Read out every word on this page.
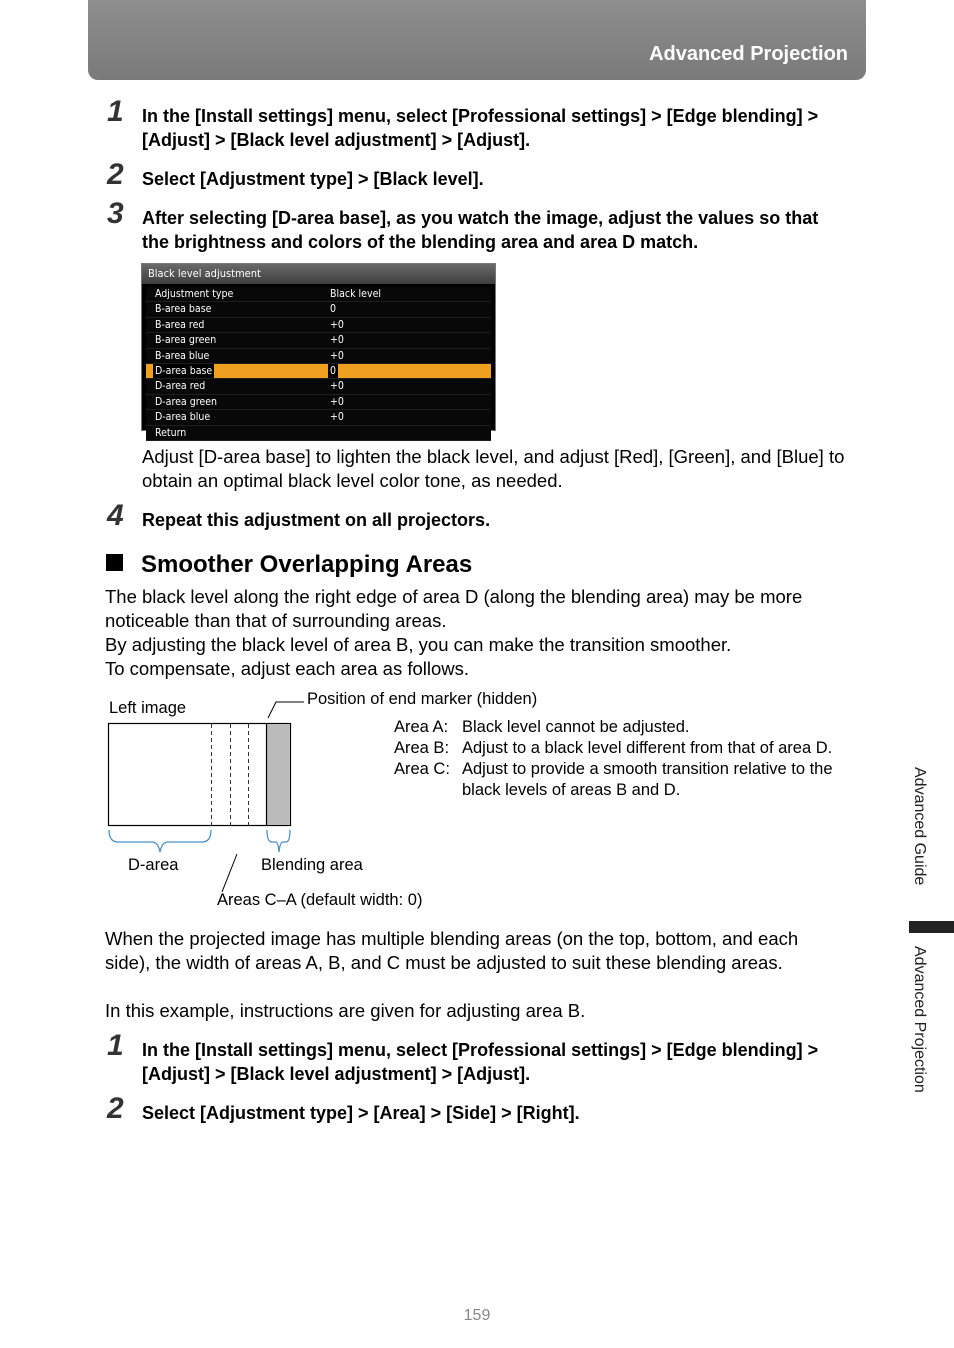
Advanced Projection
1 In the [Install settings] menu, select [Professional settings] > [Edge blending] > [Adjust] > [Black level adjustment] > [Adjust].
2 Select [Adjustment type] > [Black level].
3 After selecting [D-area base], as you watch the image, adjust the values so that the brightness and colors of the blending area and area D match.
Black level adjustment
Adjustment type	Black level
B-area base	0
B-area red	+0
B-area green	+0
B-area blue	+0
D-area base	0
D-area red	+0
D-area green	+0
D-area blue	+0
Return
Adjust [D-area base] to lighten the black level, and adjust [Red], [Green], and [Blue] to obtain an optimal black level color tone, as needed.
4 Repeat this adjustment on all projectors.
Smoother Overlapping Areas
The black level along the right edge of area D (along the blending area) may be more noticeable than that of surrounding areas.
By adjusting the black level of area B, you can make the transition smoother.
To compensate, adjust each area as follows.
Left image	Position of end marker (hidden)
D-area	Blending area
Areas C–A (default width: 0)
Area A: Black level cannot be adjusted.
Area B: Adjust to a black level different from that of area D.
Area C: Adjust to provide a smooth transition relative to the black levels of areas B and D.
When the projected image has multiple blending areas (on the top, bottom, and each side), the width of areas A, B, and C must be adjusted to suit these blending areas.
In this example, instructions are given for adjusting area B.
1 In the [Install settings] menu, select [Professional settings] > [Edge blending] > [Adjust] > [Black level adjustment] > [Adjust].
2 Select [Adjustment type] > [Area] > [Side] > [Right].
Advanced Guide
Advanced Projection
159
